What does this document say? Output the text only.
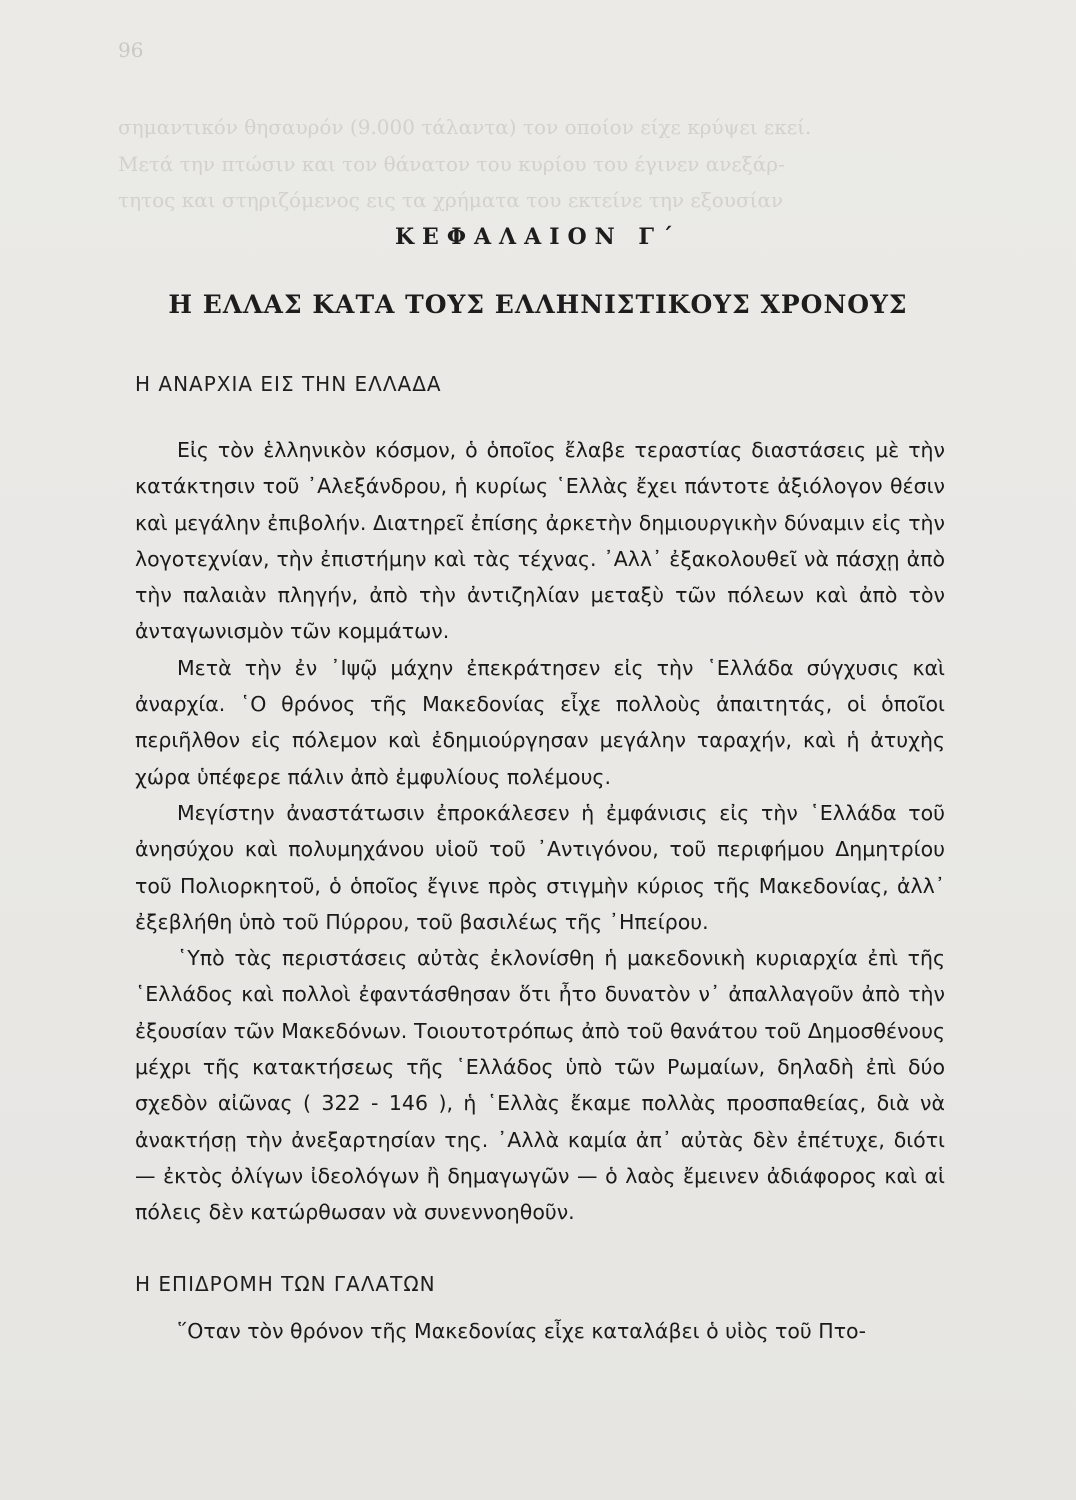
96
σημαντικόν θησαυρόν (9.000 τάλαντα) τον οποίον είχε κρύψει εκεί.
Μετά την πτώσιν και τον θάνατον του κυρίου του έγινεν ανεξάρ-
τητος και στηριζόμενος εις τα χρήματα του εκτείνε την εξουσίαν
ΚΕΦΑΛΑΙΟΝ Γ΄
Η ΕΛΛΑΣ ΚΑΤΑ ΤΟΥΣ ΕΛΛΗΝΙΣΤΙΚΟΥΣ ΧΡΟΝΟΥΣ
Η ΑΝΑΡΧΙΑ ΕΙΣ ΤΗΝ ΕΛΛΑΔΑ

Εἰς τὸν ἑλληνικὸν κόσμον, ὁ ὁποῖος ἔλαβε τεραστίας διαστάσεις μὲ τὴν κατάκτησιν τοῦ ᾿Αλεξάνδρου, ἡ κυρίως ῾Ελλὰς ἔχει πάντοτε ἀξιόλογον θέσιν καὶ μεγάλην ἐπιβολήν. Διατηρεῖ ἐπίσης ἀρκετὴν δημιουργικὴν δύναμιν εἰς τὴν λογοτεχνίαν, τὴν ἐπιστήμην καὶ τὰς τέχνας. ᾿Αλλ᾿ ἐξακολουθεῖ νὰ πάσχῃ ἀπὸ τὴν παλαιὰν πληγήν, ἀπὸ τὴν ἀντιζηλίαν μεταξὺ τῶν πόλεων καὶ ἀπὸ τὸν ἀνταγωνισμὸν τῶν κομμάτων.

Μετὰ τὴν ἐν ᾿Ιψῷ μάχην ἐπεκράτησεν εἰς τὴν ῾Ελλάδα σύγχυσις καὶ ἀναρχία. ῾Ο θρόνος τῆς Μακεδονίας εἶχε πολλοὺς ἀπαιτητάς, οἱ ὁποῖοι περιῆλθον εἰς πόλεμον καὶ ἐδημιούργησαν μεγάλην ταραχήν, καὶ ἡ ἀτυχὴς χώρα ὑπέφερε πάλιν ἀπὸ ἐμφυλίους πολέμους.

Μεγίστην ἀναστάτωσιν ἐπροκάλεσεν ἡ ἐμφάνισις εἰς τὴν ῾Ελλάδα τοῦ ἀνησύχου καὶ πολυμηχάνου υἱοῦ τοῦ ᾿Αντιγόνου, τοῦ περιφήμου Δημητρίου τοῦ Πολιορκητοῦ, ὁ ὁποῖος ἔγινε πρὸς στιγμὴν κύριος τῆς Μακεδονίας, ἀλλ᾿ ἐξεβλήθη ὑπὸ τοῦ Πύρρου, τοῦ βασιλέως τῆς ᾿Ηπείρου.

῾Υπὸ τὰς περιστάσεις αὐτὰς ἐκλονίσθη ἡ μακεδονικὴ κυριαρχία ἐπὶ τῆς ῾Ελλάδος καὶ πολλοὶ ἐφαντάσθησαν ὅτι ἦτο δυνατὸν ν᾿ ἀπαλλαγοῦν ἀπὸ τὴν ἐξουσίαν τῶν Μακεδόνων. Τοιουτοτρόπως ἀπὸ τοῦ θανάτου τοῦ Δημοσθένους μέχρι τῆς κατακτήσεως τῆς ῾Ελλάδος ὑπὸ τῶν Ρωμαίων, δηλαδὴ ἐπὶ δύο σχεδὸν αἰῶνας ( 322 - 146 ), ἡ ῾Ελλὰς ἔκαμε πολλὰς προσπαθείας, διὰ νὰ ἀνακτήσῃ τὴν ἀνεξαρτησίαν της. ᾿Αλλὰ καμία ἀπ᾿ αὐτὰς δὲν ἐπέτυχε, διότι — ἐκτὸς ὀλίγων ἰδεολόγων ἢ δημαγωγῶν — ὁ λαὸς ἔμεινεν ἀδιάφορος καὶ αἱ πόλεις δὲν κατώρθωσαν νὰ συνεννοηθοῦν.

Η ΕΠΙΔΡΟΜΗ ΤΩΝ ΓΑΛΑΤΩΝ
῞Οταν τὸν θρόνον τῆς Μακεδονίας εἶχε καταλάβει ὁ υἱὸς τοῦ Πτο-
